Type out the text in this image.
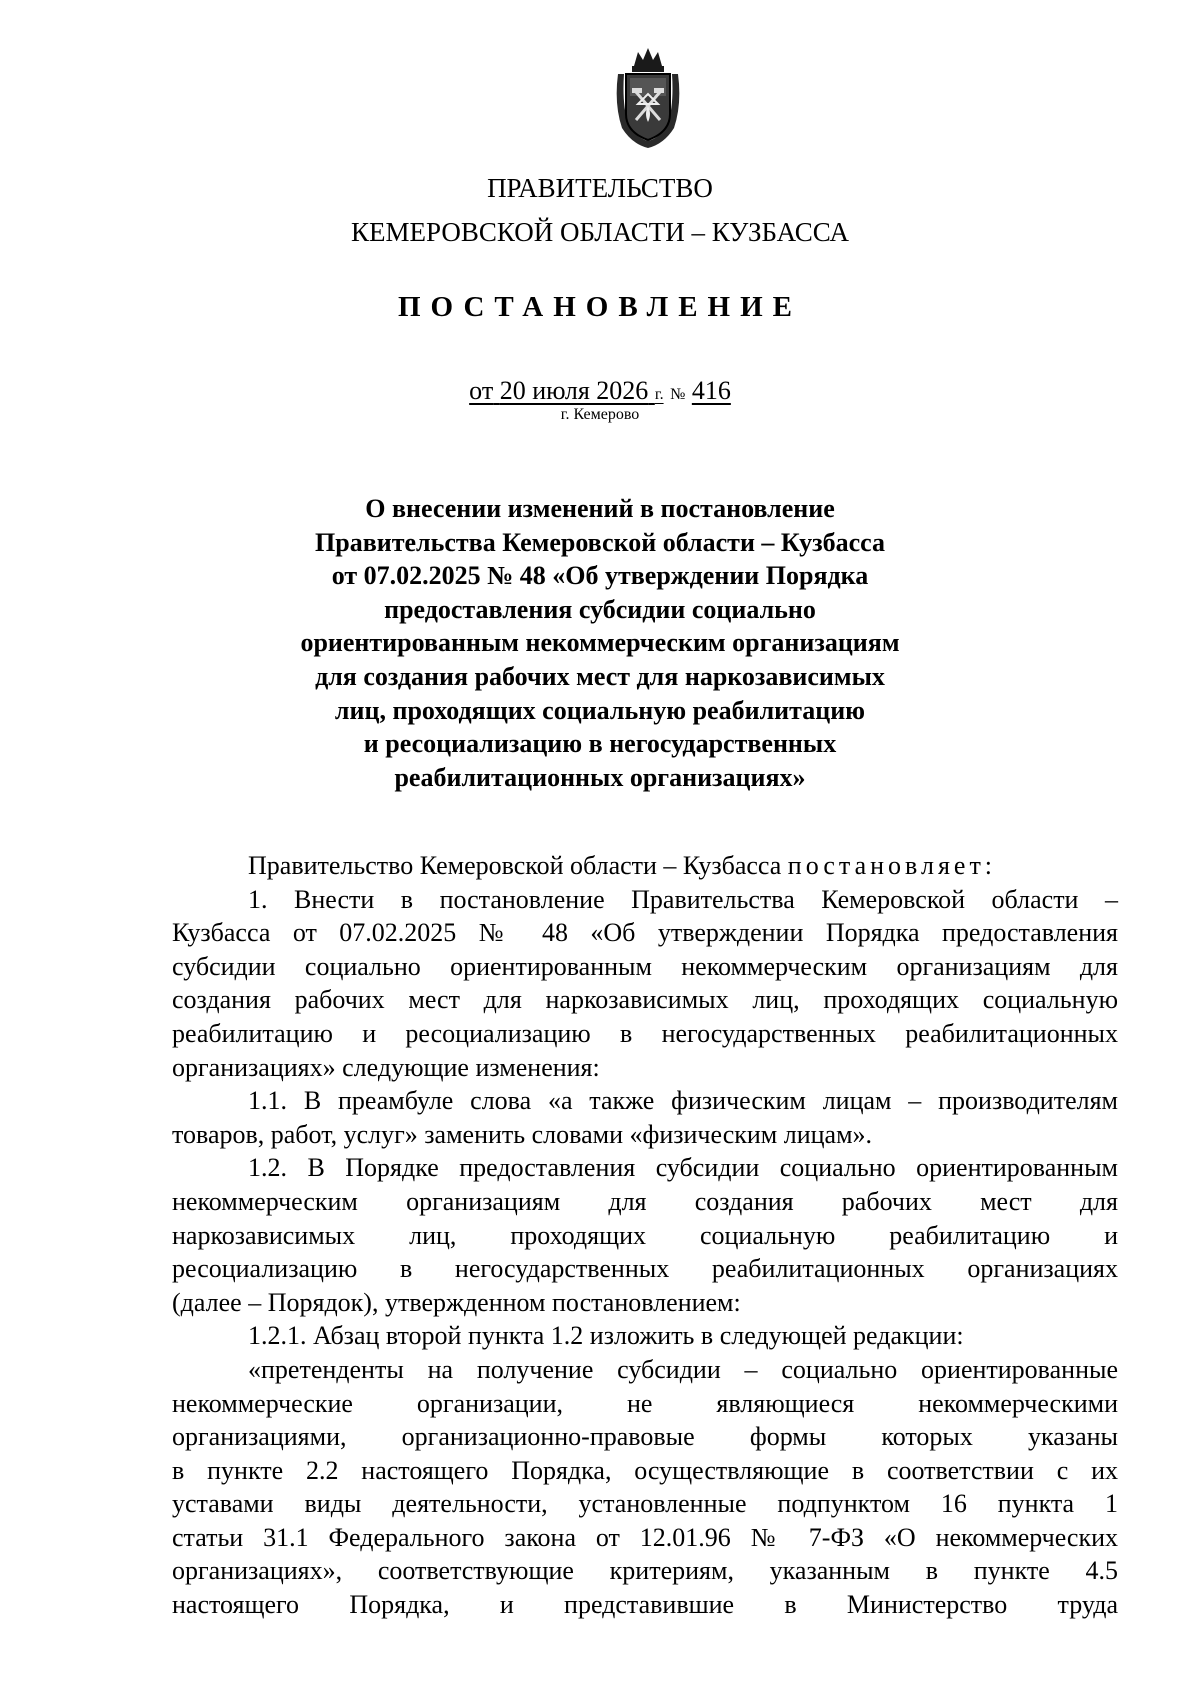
ПРАВИТЕЛЬСТВО
КЕМЕРОВСКОЙ ОБЛАСТИ – КУЗБАССА
ПОСТАНОВЛЕНИЕ
от 20 июля 2026 г. № 416
г. Кемерово
О внесении изменений в постановление
Правительства Кемеровской области – Кузбасса
от 07.02.2025 № 48 «Об утверждении Порядка
предоставления субсидии социально
ориентированным некоммерческим организациям
для создания рабочих мест для наркозависимых
лиц, проходящих социальную реабилитацию
и ресоциализацию в негосударственных
реабилитационных организациях»
Правительство Кемеровской области – Кузбасса постановляет:
1. Внести в постановление Правительства Кемеровской области –
Кузбасса от 07.02.2025 № 48 «Об утверждении Порядка предоставления
субсидии социально ориентированным некоммерческим организациям для
создания рабочих мест для наркозависимых лиц, проходящих социальную
реабилитацию и ресоциализацию в негосударственных реабилитационных
организациях» следующие изменения:
1.1. В преамбуле слова «а также физическим лицам – производителям
товаров, работ, услуг» заменить словами «физическим лицам».
1.2. В Порядке предоставления субсидии социально ориентированным
некоммерческим организациям для создания рабочих мест для
наркозависимых лиц, проходящих социальную реабилитацию и
ресоциализацию в негосударственных реабилитационных организациях
(далее – Порядок), утвержденном постановлением:
1.2.1. Абзац второй пункта 1.2 изложить в следующей редакции:
«претенденты на получение субсидии – социально ориентированные
некоммерческие организации, не являющиеся некоммерческими
организациями, организационно-правовые формы которых указаны
в пункте 2.2 настоящего Порядка, осуществляющие в соответствии с их
уставами виды деятельности, установленные подпунктом 16 пункта 1
статьи 31.1 Федерального закона от 12.01.96 № 7-ФЗ «О некоммерческих
организациях», соответствующие критериям, указанным в пункте 4.5
настоящего Порядка, и представившие в Министерство труда
